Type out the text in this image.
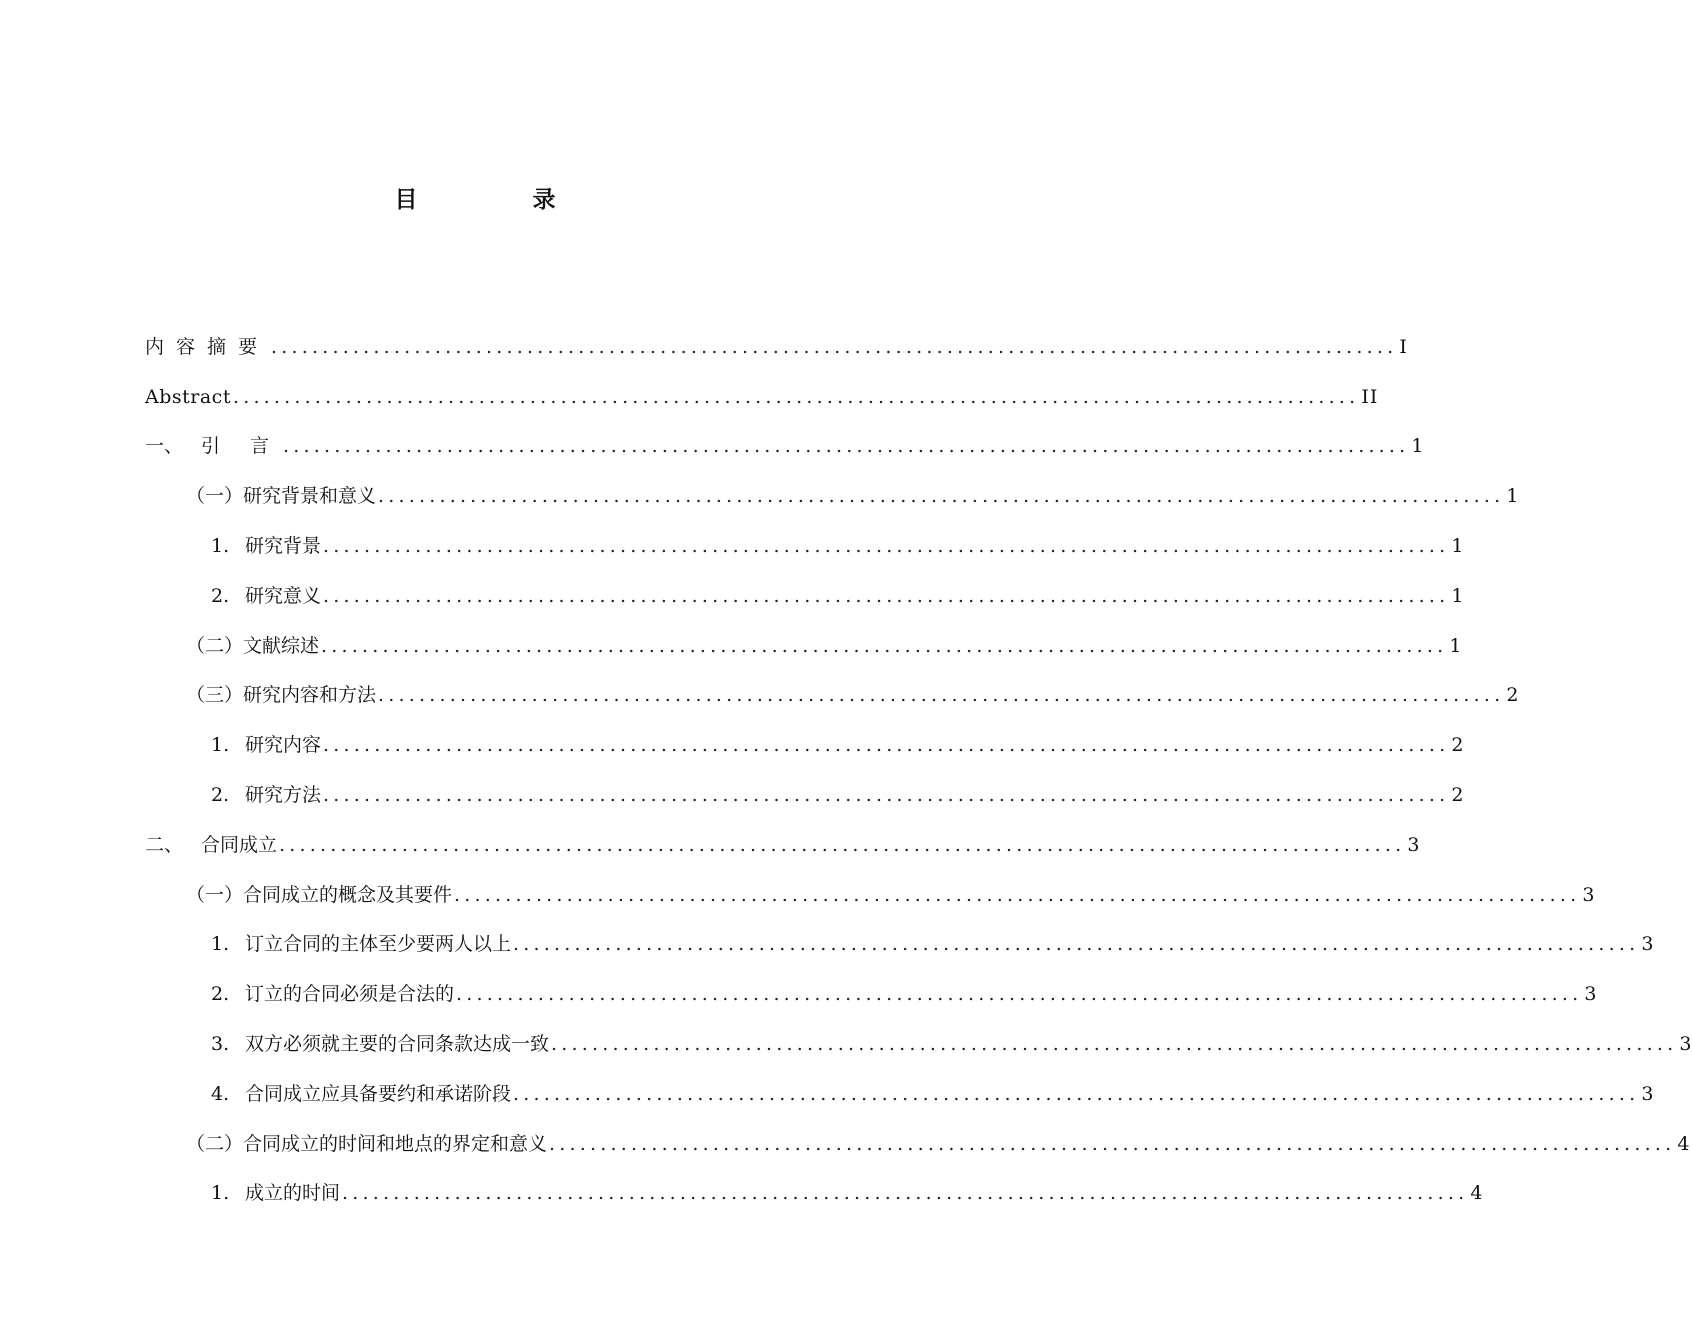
目　录
内容摘要 .............................................................................................................. I
Abstract .............................................................................................................. II
一、 引 言 .............................................................................................................. 1
（一） 研究背景和意义 .............................................................................................................. 1
1. 研究背景 .............................................................................................................. 1
2. 研究意义 .............................................................................................................. 1
（二） 文献综述 .............................................................................................................. 1
（三） 研究内容和方法 .............................................................................................................. 2
1. 研究内容 .............................................................................................................. 2
2. 研究方法 .............................................................................................................. 2
二、 合同成立 .............................................................................................................. 3
（一） 合同成立的概念及其要件 .............................................................................................................. 3
1. 订立合同的主体至少要两人以上 .............................................................................................................. 3
2. 订立的合同必须是合法的 .............................................................................................................. 3
3. 双方必须就主要的合同条款达成一致 .............................................................................................................. 3
4. 合同成立应具备要约和承诺阶段 .............................................................................................................. 3
（二） 合同成立的时间和地点的界定和意义 .............................................................................................................. 4
1. 成立的时间 .............................................................................................................. 4
